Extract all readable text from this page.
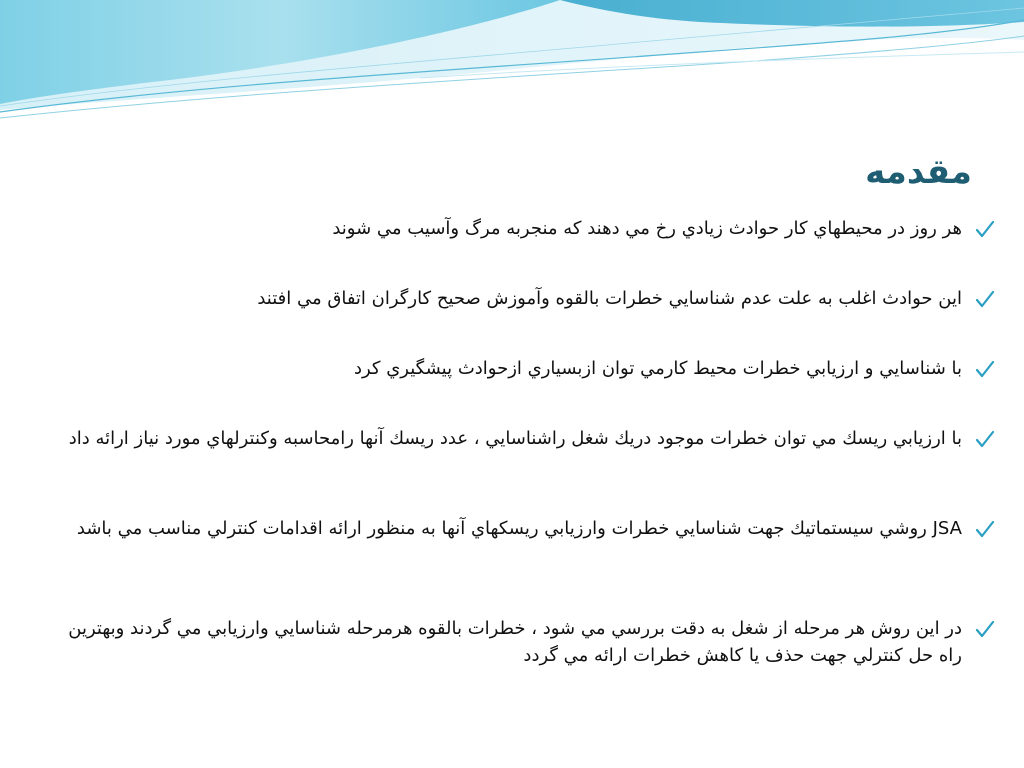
مقدمه
هر روز در محيطهاي كار حوادث زيادي رخ مي دهند كه منجربه مرگ وآسيب مي شوند
اين حوادث اغلب به علت عدم شناسايي خطرات بالقوه وآموزش صحيح كارگران اتفاق مي افتند
با شناسايي و ارزيابي خطرات محيط كارمي توان ازبسياري ازحوادث پيشگيري كرد
با ارزيابي ريسك مي توان خطرات موجود دريك شغل راشناسايي ، عدد ريسك آنها رامحاسبه وكنترلهاي مورد نياز ارائه داد
JSA روشي سيستماتيك جهت شناسايي خطرات وارزيابي ريسكهاي آنها به منظور ارائه اقدامات كنترلي مناسب مي باشد
در اين روش هر مرحله از شغل به دقت بررسي مي شود ، خطرات بالقوه هرمرحله شناسايي وارزيابي مي گردند وبهترين راه حل كنترلي جهت حذف يا كاهش خطرات ارائه مي گردد
